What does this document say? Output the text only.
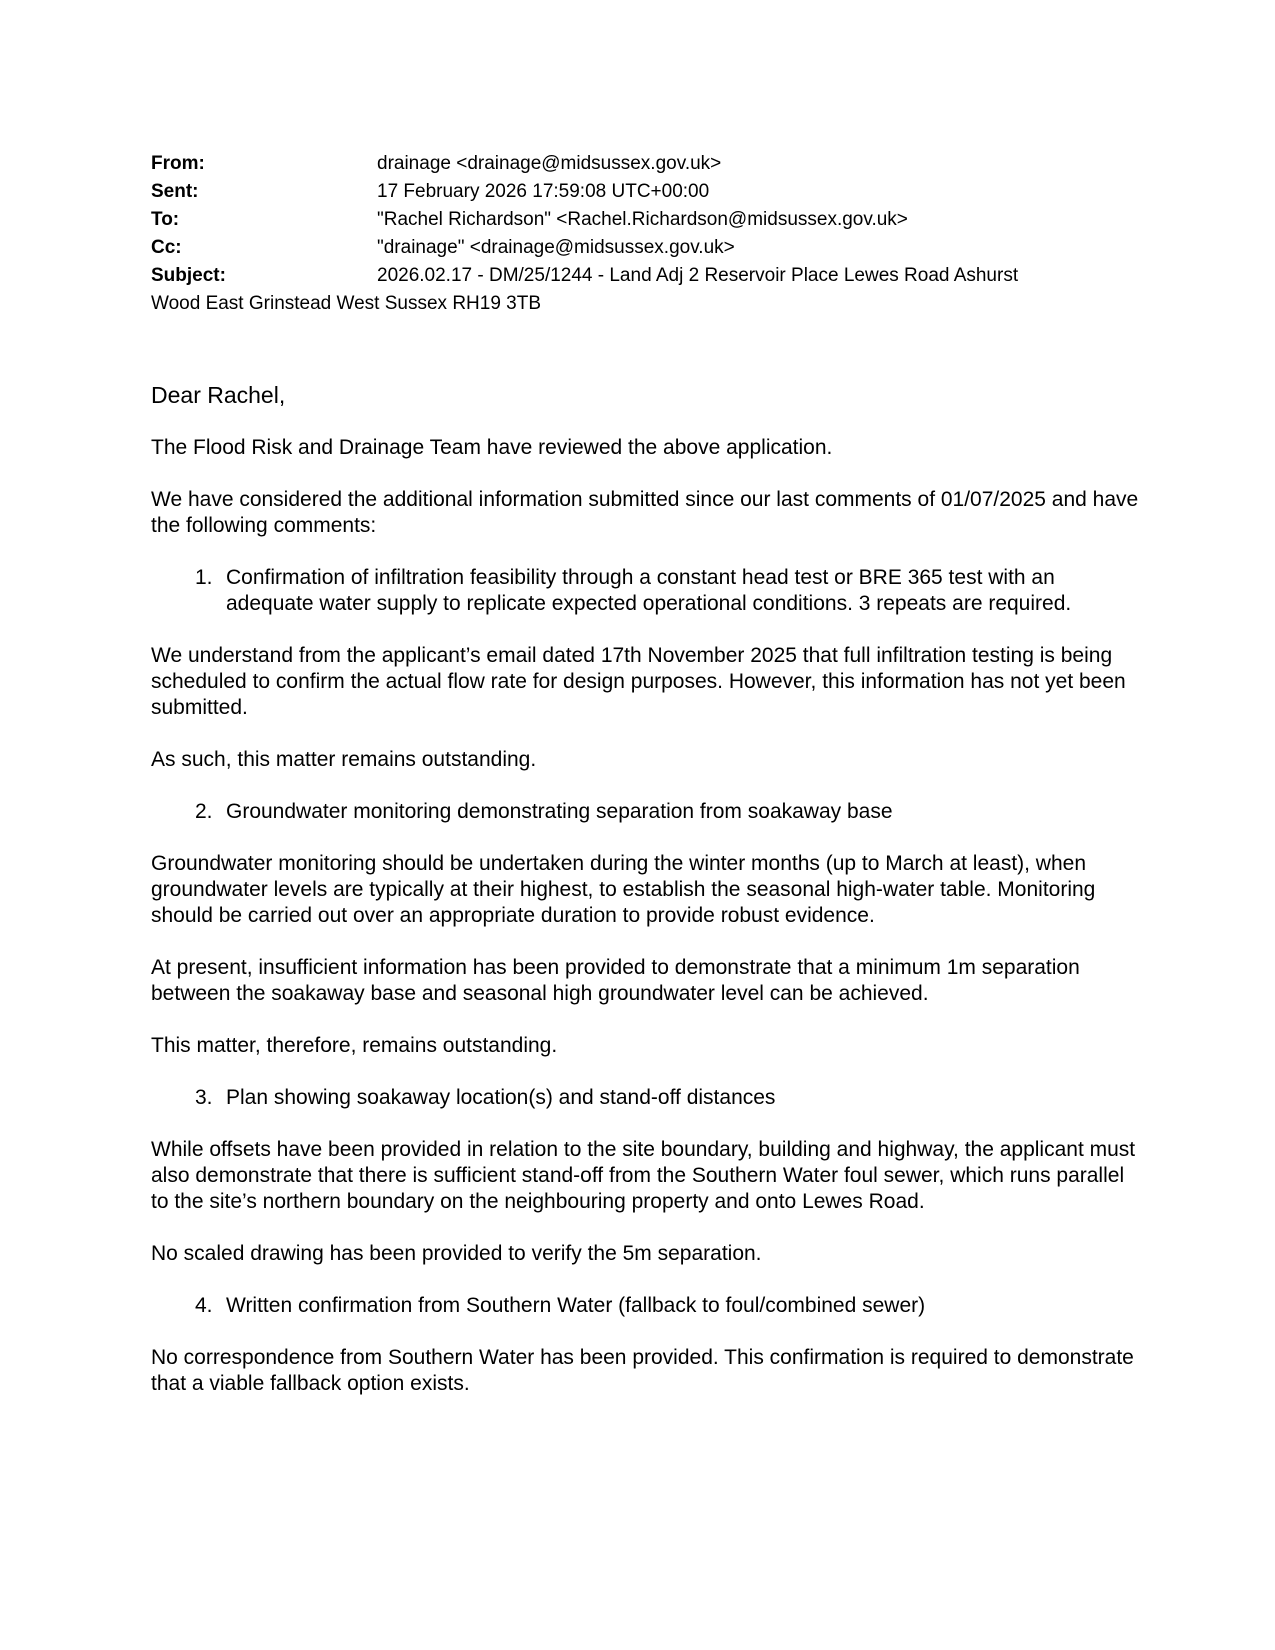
From:	drainage <drainage@midsussex.gov.uk>
Sent:	17 February 2026 17:59:08 UTC+00:00
To:	"Rachel Richardson" <Rachel.Richardson@midsussex.gov.uk>
Cc:	"drainage" <drainage@midsussex.gov.uk>
Subject:	2026.02.17 - DM/25/1244 - Land Adj 2 Reservoir Place Lewes Road Ashurst
Wood East Grinstead West Sussex RH19 3TB
Dear Rachel,

The Flood Risk and Drainage Team have reviewed the above application.

We have considered the additional information submitted since our last comments of 01/07/2025 and have the following comments:

1. Confirmation of infiltration feasibility through a constant head test or BRE 365 test with an adequate water supply to replicate expected operational conditions. 3 repeats are required.

We understand from the applicant’s email dated 17th November 2025 that full infiltration testing is being scheduled to confirm the actual flow rate for design purposes. However, this information has not yet been submitted.

As such, this matter remains outstanding.

2. Groundwater monitoring demonstrating separation from soakaway base

Groundwater monitoring should be undertaken during the winter months (up to March at least), when groundwater levels are typically at their highest, to establish the seasonal high-water table. Monitoring should be carried out over an appropriate duration to provide robust evidence.

At present, insufficient information has been provided to demonstrate that a minimum 1m separation between the soakaway base and seasonal high groundwater level can be achieved.

This matter, therefore, remains outstanding.

3. Plan showing soakaway location(s) and stand-off distances

While offsets have been provided in relation to the site boundary, building and highway, the applicant must also demonstrate that there is sufficient stand-off from the Southern Water foul sewer, which runs parallel to the site’s northern boundary on the neighbouring property and onto Lewes Road.

No scaled drawing has been provided to verify the 5m separation.

4. Written confirmation from Southern Water (fallback to foul/combined sewer)

No correspondence from Southern Water has been provided. This confirmation is required to demonstrate that a viable fallback option exists.
